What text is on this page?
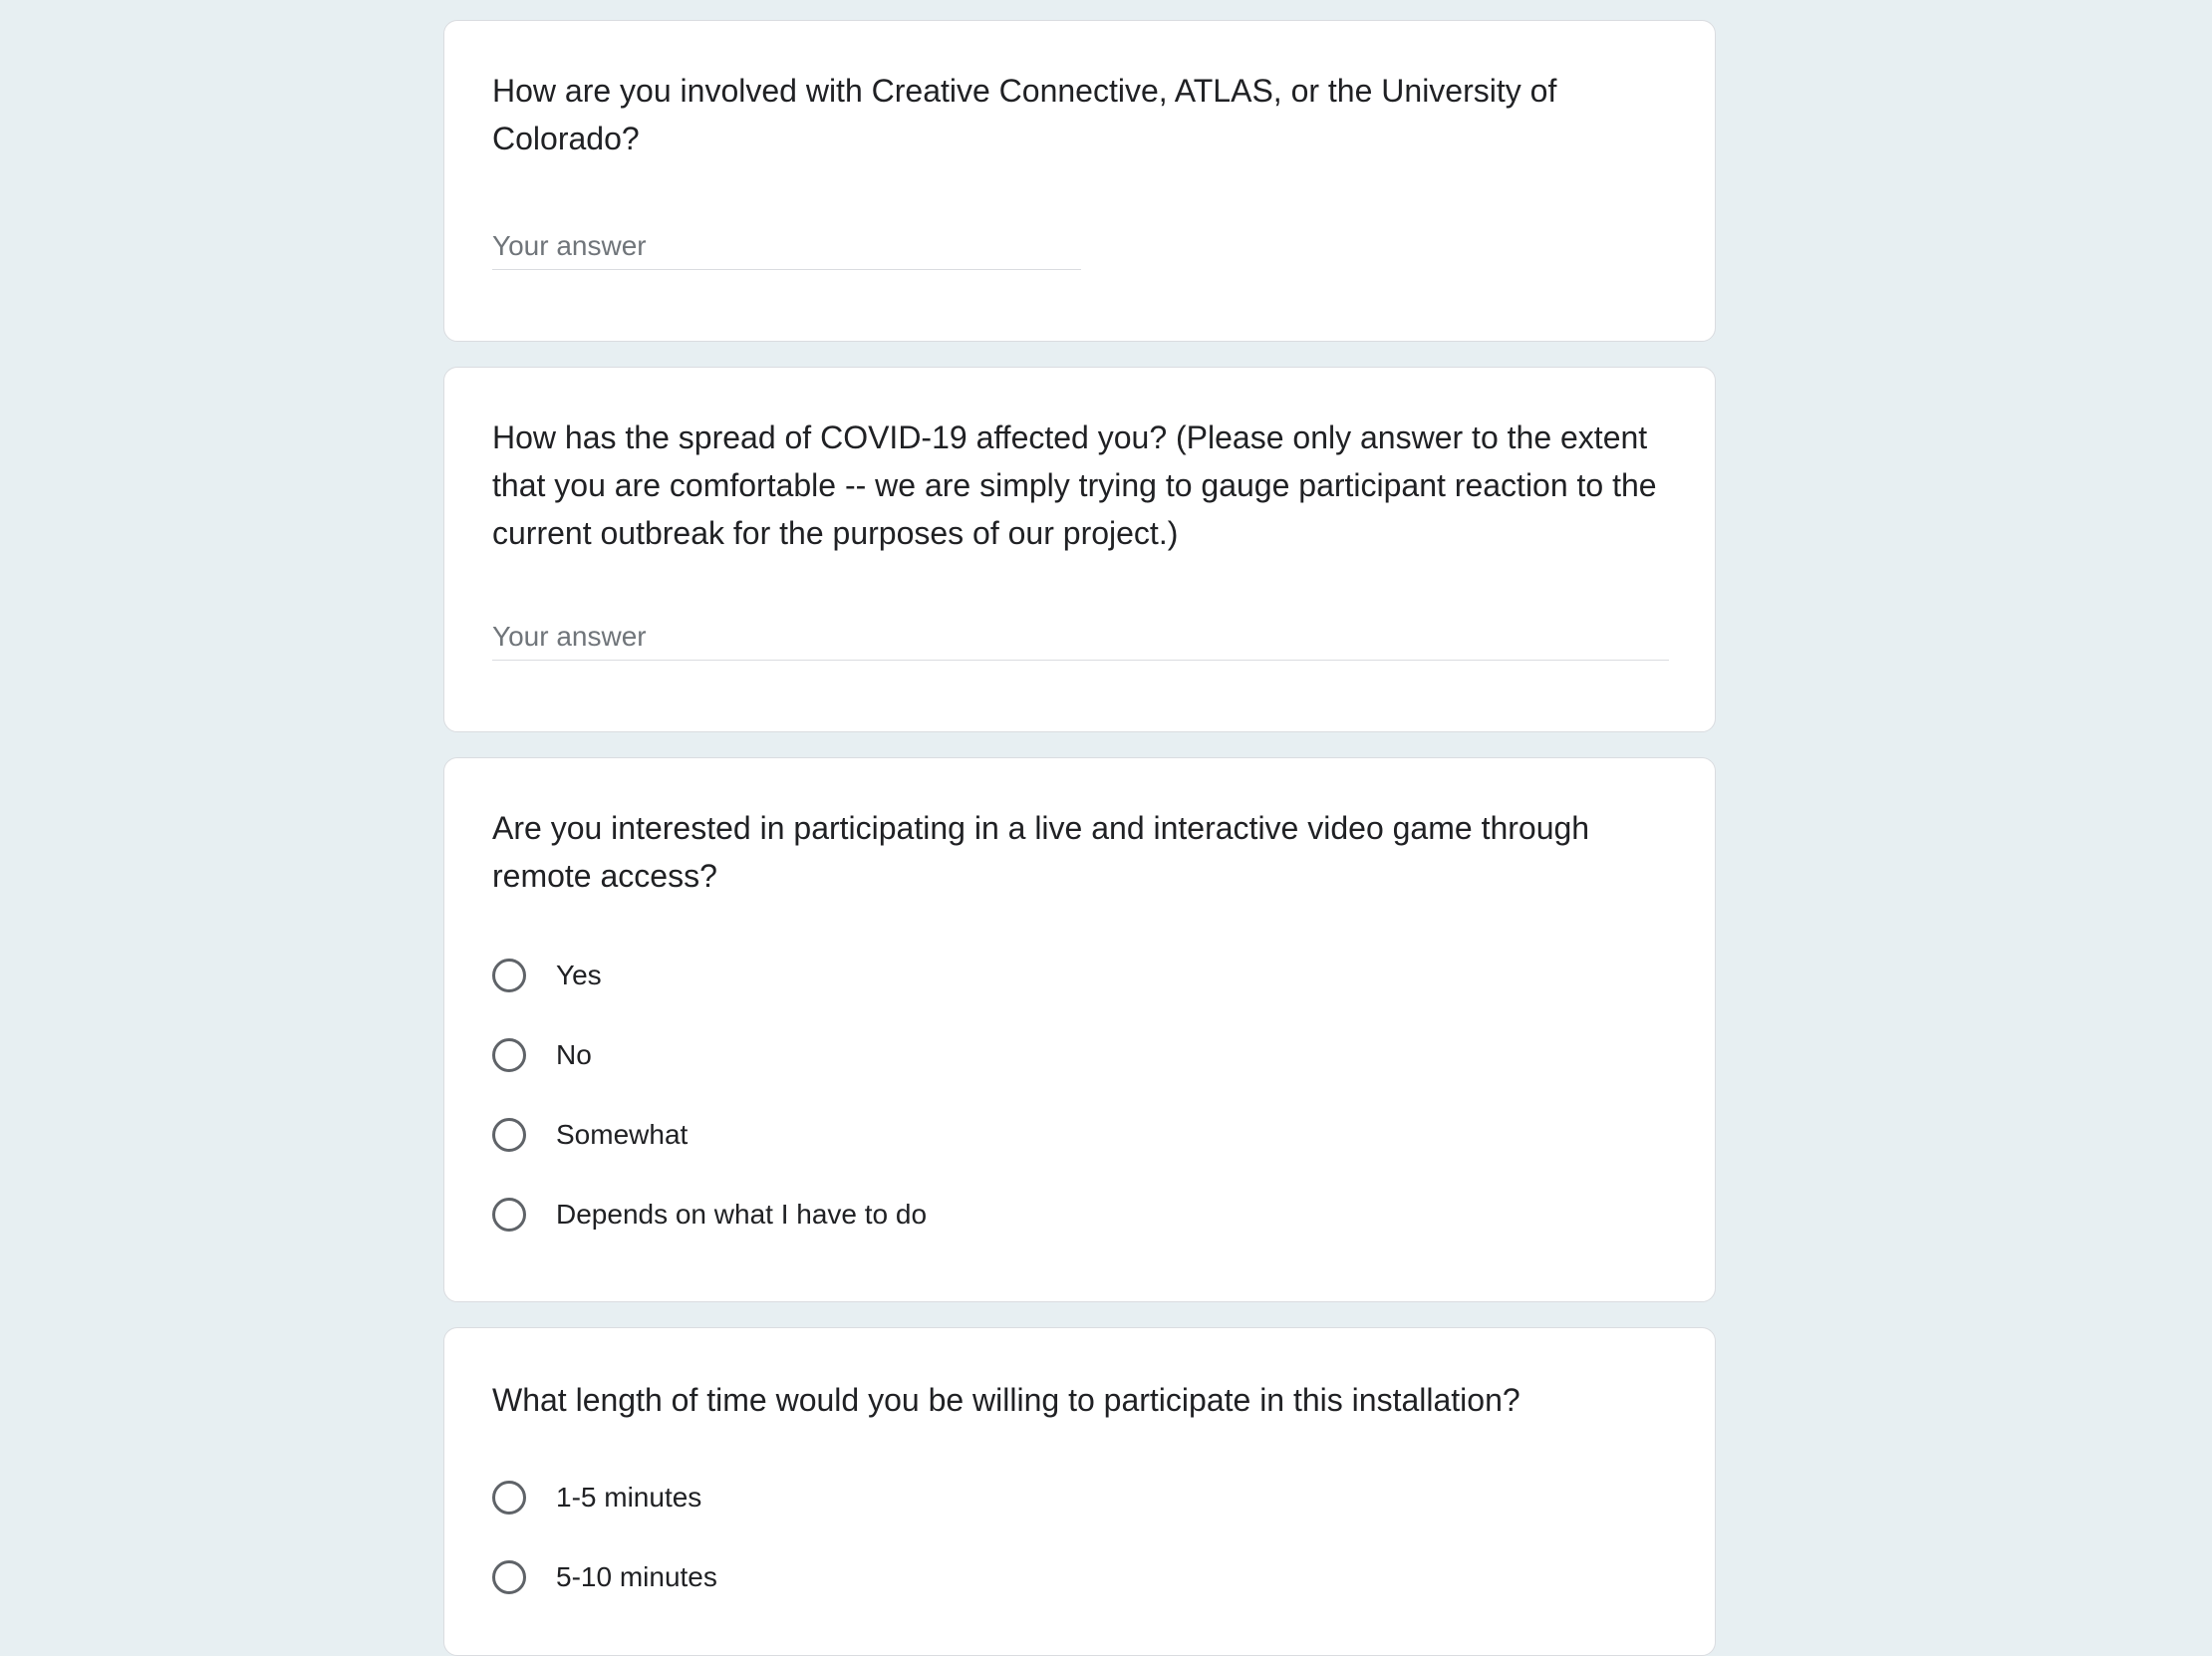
How are you involved with Creative Connective, ATLAS, or the University of Colorado?

Your answer

How has the spread of COVID-19 affected you? (Please only answer to the extent that you are comfortable -- we are simply trying to gauge participant reaction to the current outbreak for the purposes of our project.)

Your answer

Are you interested in participating in a live and interactive video game through remote access?

Yes
No
Somewhat
Depends on what I have to do

What length of time would you be willing to participate in this installation?

1-5 minutes
5-10 minutes
